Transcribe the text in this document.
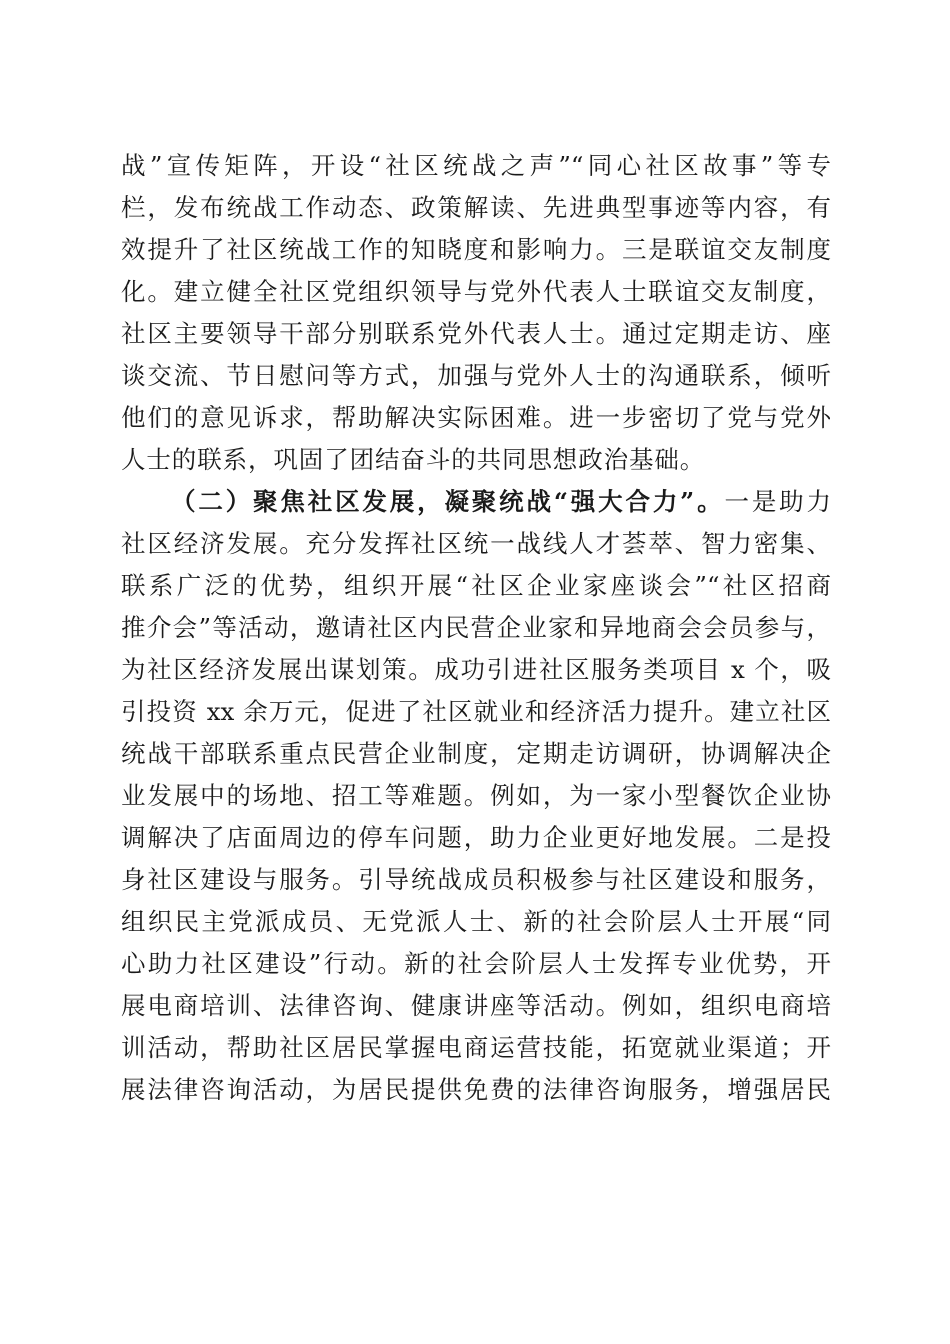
战”宣传矩阵，开设“社区统战之声”“同心社区故事”等专
栏，发布统战工作动态、政策解读、先进典型事迹等内容，有
效提升了社区统战工作的知晓度和影响力。三是联谊交友制度
化。建立健全社区党组织领导与党外代表人士联谊交友制度，
社区主要领导干部分别联系党外代表人士。通过定期走访、座
谈交流、节日慰问等方式，加强与党外人士的沟通联系，倾听
他们的意见诉求，帮助解决实际困难。进一步密切了党与党外
人士的联系，巩固了团结奋斗的共同思想政治基础。
（二）聚焦社区发展，凝聚统战“强大合力”。一是助力
社区经济发展。充分发挥社区统一战线人才荟萃、智力密集、
联系广泛的优势，组织开展“社区企业家座谈会”“社区招商
推介会”等活动，邀请社区内民营企业家和异地商会会员参与，
为社区经济发展出谋划策。成功引进社区服务类项目 x 个，吸
引投资 xx 余万元，促进了社区就业和经济活力提升。建立社区
统战干部联系重点民营企业制度，定期走访调研，协调解决企
业发展中的场地、招工等难题。例如，为一家小型餐饮企业协
调解决了店面周边的停车问题，助力企业更好地发展。二是投
身社区建设与服务。引导统战成员积极参与社区建设和服务，
组织民主党派成员、无党派人士、新的社会阶层人士开展“同
心助力社区建设”行动。新的社会阶层人士发挥专业优势，开
展电商培训、法律咨询、健康讲座等活动。例如，组织电商培
训活动，帮助社区居民掌握电商运营技能，拓宽就业渠道；开
展法律咨询活动，为居民提供免费的法律咨询服务，增强居民
